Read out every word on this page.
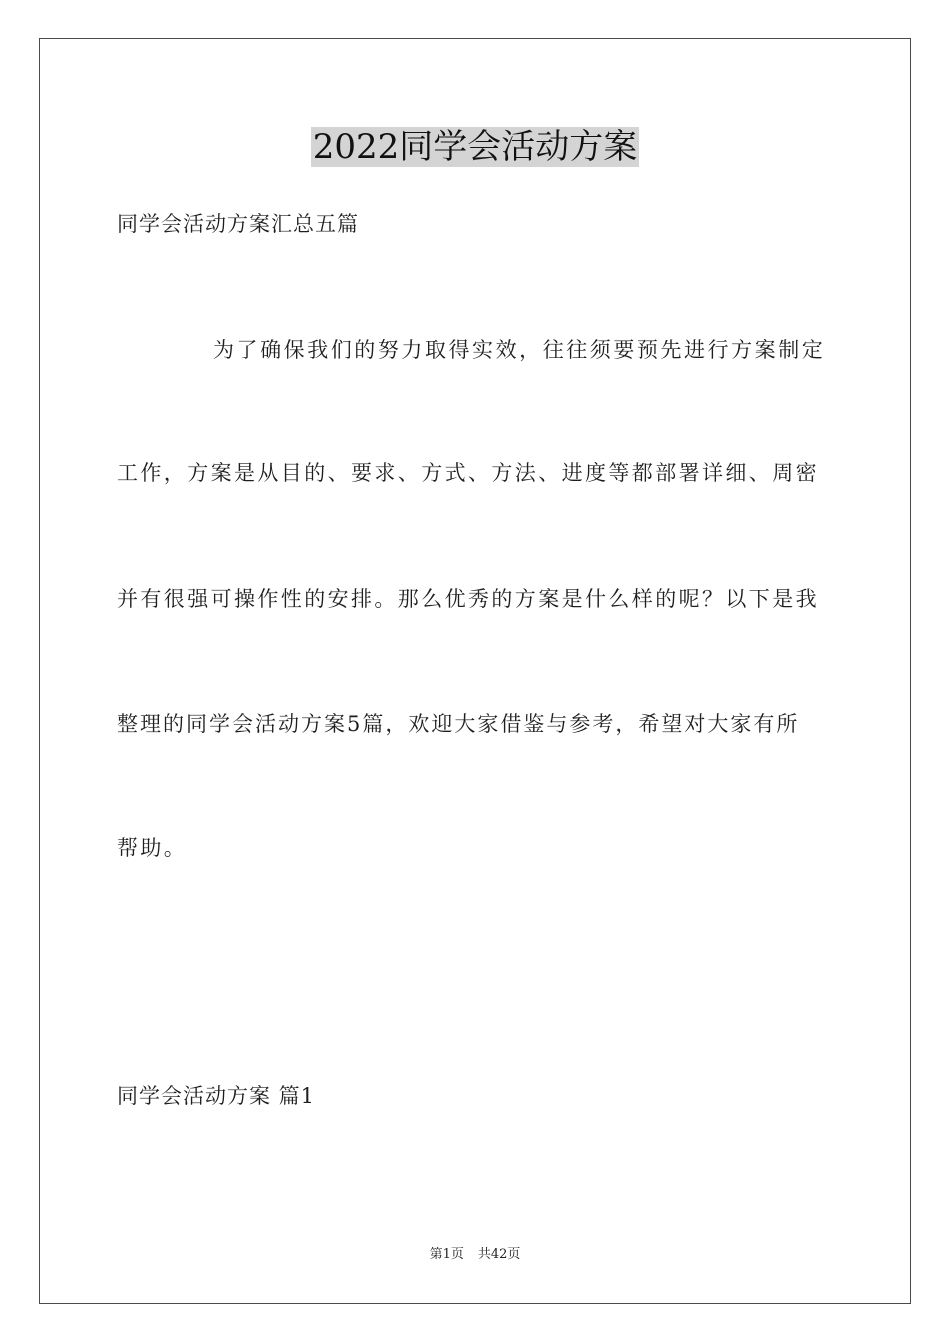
2022同学会活动方案
同学会活动方案汇总五篇
为了确保我们的努力取得实效，往往须要预先进行方案制定
工作，方案是从目的、要求、方式、方法、进度等都部署详细、周密
并有很强可操作性的安排。那么优秀的方案是什么样的呢？以下是我
整理的同学会活动方案5篇，欢迎大家借鉴与参考，希望对大家有所
帮助。
同学会活动方案 篇1
第1页 共42页
